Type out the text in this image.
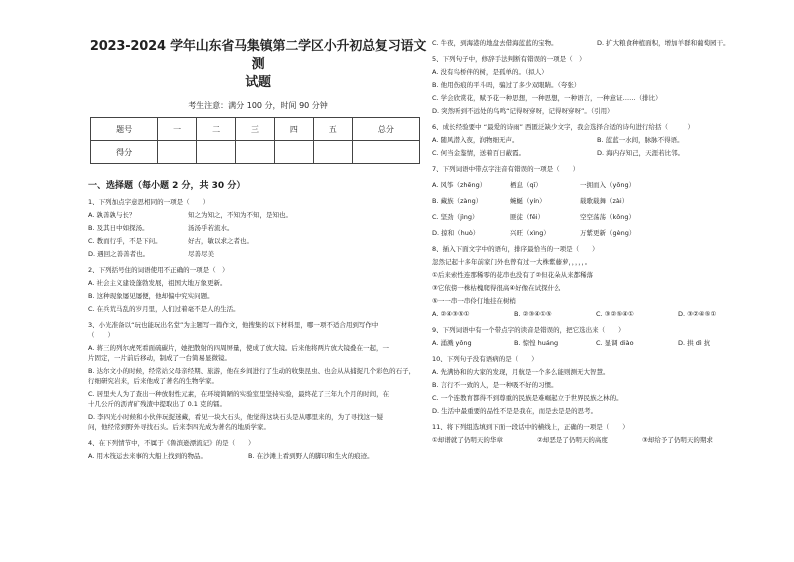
2023-2024 学年山东省马集镇第二学区小升初总复习语文测
试题
考生注意：满分 100 分，时间 90 分钟
题号	一	二	三	四	五	总分
得分						
一、选择题（每小题 2 分，共 30 分）
1、下列加点字意思相同的一项是（　　）
A. 孰善孰与长？	知之为知之，不知为不知，是知也。
B. 及其日中如探汤。	汤汤乎若流水。
C. 教而行乎，不是下问。	好古，敏以求之者也。
D. 遇回之善善者也。	尽善尽美
2、下列括号住的词语使用不正确的一项是（　）
A. 社会主义建设蓬勃发展，祖国大地万象更新。
B. 这种现象屡见屡便，他却偏中究实问题。
C. 在兵荒马乱的岁月里，人们过着毫不是人的生活。
3、小光准备以“玩也能玩出名堂”为主题写一篇作文，他搜集的以下材料里，哪一项不适合用到写作中
（　　）
A. 蒋三的列尔虎死看面硫碳片，她把散射的四周屏量，使成了放大镜。后来他将两片放大镜叠在一起，一
片固定，一片前后移动，制成了一台简易显微镜。
B. 达尔文小的时候，经常站父母亲经期、旅游，他在乡间进行了生动的收集昆虫、也会从从捕捉几个彩色的石子，
行细研究岩来，后来他成了著名的生物学家。
C. 居里夫人为了查出一种放射性元素，在环境简陋的实验室里坚持实验，最终花了三年九个月的时间，在
十几公斤的沥青矿残渣中提取出了 0.1 克的镭。
D. 李四光小时候和小伙伴玩捉迷藏，看见一块大石头，他觉得这块石头是从哪里来的，为了寻找这一疑
问，他经常到野外寻找石头。后来李四光成为著名的地质学家。
4、在下列情节中，不属于《鲁滨逊漂流记》的是（　　）
A. 用木筏运去来事的大船上找到的物品。	B. 在沙滩上看到野人的脚印和生火的痕迹。
C. 牛夜，到海港的地盘去借海蓝蓝的宝物。	D. 扩大粮食种植面积，增加羊群和葡萄园干。
5、下列句子中，修辞手法判断有错误的一项是（　）
A. 没有鸟桥伴的树，是孤单的。（拟人）
B. 他用伤痕的平斗吗，骗过了多少双眼睛。（夸张）
C. 学会欣赏花，赋予花一种思想，一种思想，一种语言，一种意证……（排比）
D. 突然听到不远处的鸟鸣“记得呀穿呀，记得呀穿呀”。（引用）
6、成长经验要中 “最爱的诗雨” 西匿泛缺少文字，我会选择合适的诗句进行给括（　　　）
A. 随风潜入夜，润物细无声。	B. 蓝蓝一水间，脉脉不得语。
C. 何当金鉴情，送着百日蔽霞。	D. 海内存知己，天涯若比邻。
7、下列词语中带点字注音有错误的一项是（　　）
A. 风筝（zhēng）	栖息（qī）	一拥而入（yōng）
B. 藏族（zàng）	蜿蜒（yín）	载歌载舞（zài）
C. 坚劲（jìng）	匪徒（fěi）	空空荡荡（kōng）
D. 掠和（huò）	兴旺（xìng）	万紫更新（gèng）
8、插入下面文字中的语句，排序最恰当的一项是（　　）
忽然记起十多年前家门外也曾有过一大株紫藤萝，，，，，。
①后来索性连那稀零的花串也没有了②但花朵从来都稀落
③它依傍一株枯槐爬得很高④好像在试探什么
⑤一一串一串伶仃地挂在树梢
A. ②④③⑤①	B. ②③④①⑤	C. ③②⑤④①	D. ③②④⑤①
9、下列词语中有一个带点字的读音是错误的，把它选出来（　　）
A. 涌溅 yǒng	B. 惊惶 huáng	C. 显调 diào	D. 拱 dì 抗
10、下列句子没有语病的是（　　）
A. 先满协和的大家的发现，月航是一个多么能则测无大智慧。
B. 言行不一致的人，是一种吸不好的习惯。
C. 一个连教育都得不到尊重的民族是难崛起立于世界民族之林的。
D. 生活中最重要的品性不是是我在，而是去是是的思考。
11、将下列组选填到下面一段话中的横线上，正确的一项是（　　）
①却谱就了仍明天的华章	②却恶是了仍明天的高度	③却给予了仍明天的期求
